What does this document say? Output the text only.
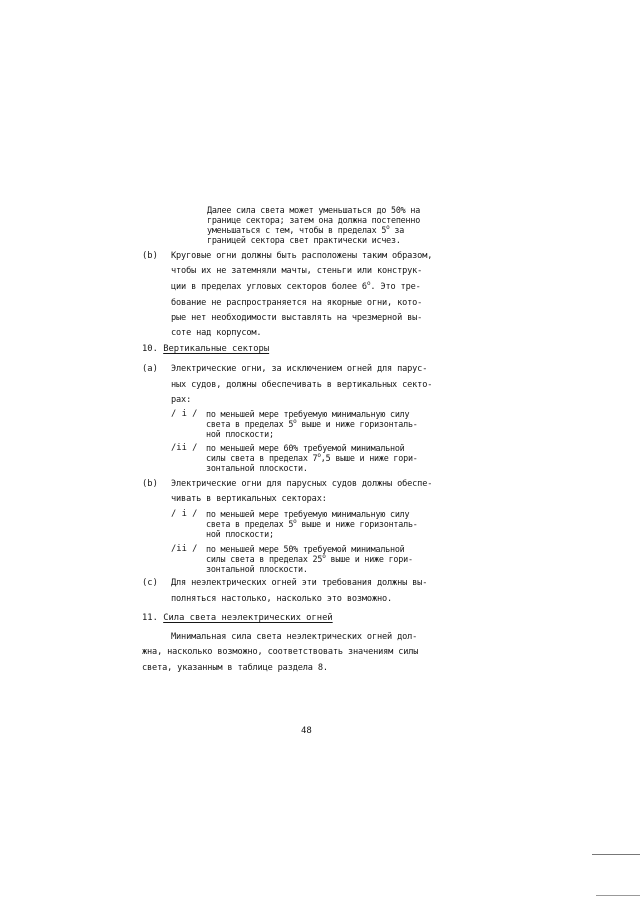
Далее сила света может уменьшаться до 50% на
границе сектора; затем она должна постепенно
уменьшаться с тем, чтобы в пределах $5^о$ за
границей сектора свет практически исчез.
(b) Круговые огни должны быть расположены таким образом,
чтобы их не затемняли мачты, стеньги или конструк-
ции в пределах угловых секторов более $6^о$. Это тре-
бование не распространяется на якорные огни, кото-
рые нет необходимости выставлять на чрезмерной вы-
соте над корпусом.
10. Вертикальные секторы
(a) Электрические огни, за исключением огней для парус-
ных судов, должны обеспечивать в вертикальных секто-
рах:
/ i / по меньшей мере требуемую минимальную силу
света в пределах $5^о$ выше и ниже горизонталь-
ной плоскости;
/ii / по меньшей мере 60% требуемой минимальной
силы света в пределах $7^о,5$ выше и ниже гори-
зонтальной плоскости.
(b) Электрические огни для парусных судов должны обеспе-
чивать в вертикальных секторах:
/ i / по меньшей мере требуемую минимальную силу
света в пределах $5^о$ выше и ниже горизонталь-
ной плоскости;
/ii / по меньшей мере 50% требуемой минимальной
силы света в пределах $25^о$ выше и ниже гори-
зонтальной плоскости.
(c) Для неэлектрических огней эти требования должны вы-
полняться настолько, насколько это возможно.
11. Сила света неэлектрических огней
Минимальная сила света неэлектрических огней дол-
жна, насколько возможно, соответствовать значениям силы
света, указанным в таблице раздела 8.
48
